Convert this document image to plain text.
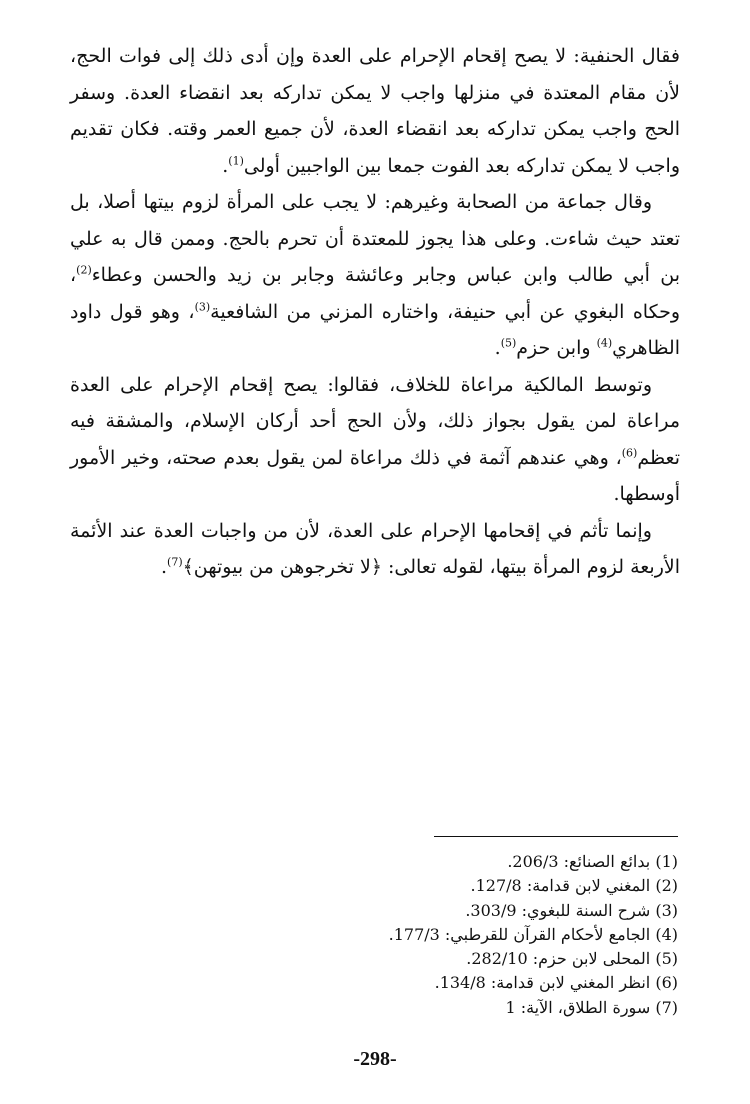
فقال الحنفية: لا يصح إقحام الإحرام على العدة وإن أدى ذلك إلى فوات الحج، لأن مقام المعتدة في منزلها واجب لا يمكن تداركه بعد انقضاء العدة. وسفر الحج واجب يمكن تداركه بعد انقضاء العدة، لأن جميع العمر وقته. فكان تقديم واجب لا يمكن تداركه بعد الفوت جمعا بين الواجبين أولى$^{(1)}$.

وقال جماعة من الصحابة وغيرهم: لا يجب على المرأة لزوم بيتها أصلا، بل تعتد حيث شاءت. وعلى هذا يجوز للمعتدة أن تحرم بالحج. وممن قال به علي بن أبي طالب وابن عباس وجابر وعائشة وجابر بن زيد والحسن وعطاء$^{(2)}$، وحكاه البغوي عن أبي حنيفة، واختاره المزني من الشافعية$^{(3)}$، وهو قول داود الظاهري$^{(4)}$ وابن حزم$^{(5)}$.

وتوسط المالكية مراعاة للخلاف، فقالوا: يصح إقحام الإحرام على العدة مراعاة لمن يقول بجواز ذلك، ولأن الحج أحد أركان الإسلام، والمشقة فيه تعظم$^{(6)}$، وهي عندهم آثمة في ذلك مراعاة لمن يقول بعدم صحته، وخير الأمور أوسطها.

وإنما تأثم في إقحامها الإحرام على العدة، لأن من واجبات العدة عند الأئمة الأربعة لزوم المرأة بيتها، لقوله تعالى: ﴿لا تخرجوهن من بيوتهن﴾$^{(7)}$.

(1) بدائع الصنائع: 206/3.
(2) المغني لابن قدامة: 127/8.
(3) شرح السنة للبغوي: 303/9.
(4) الجامع لأحكام القرآن للقرطبي: 177/3.
(5) المحلى لابن حزم: 282/10.
(6) انظر المغني لابن قدامة: 134/8.
(7) سورة الطلاق، الآية: 1
-298-
